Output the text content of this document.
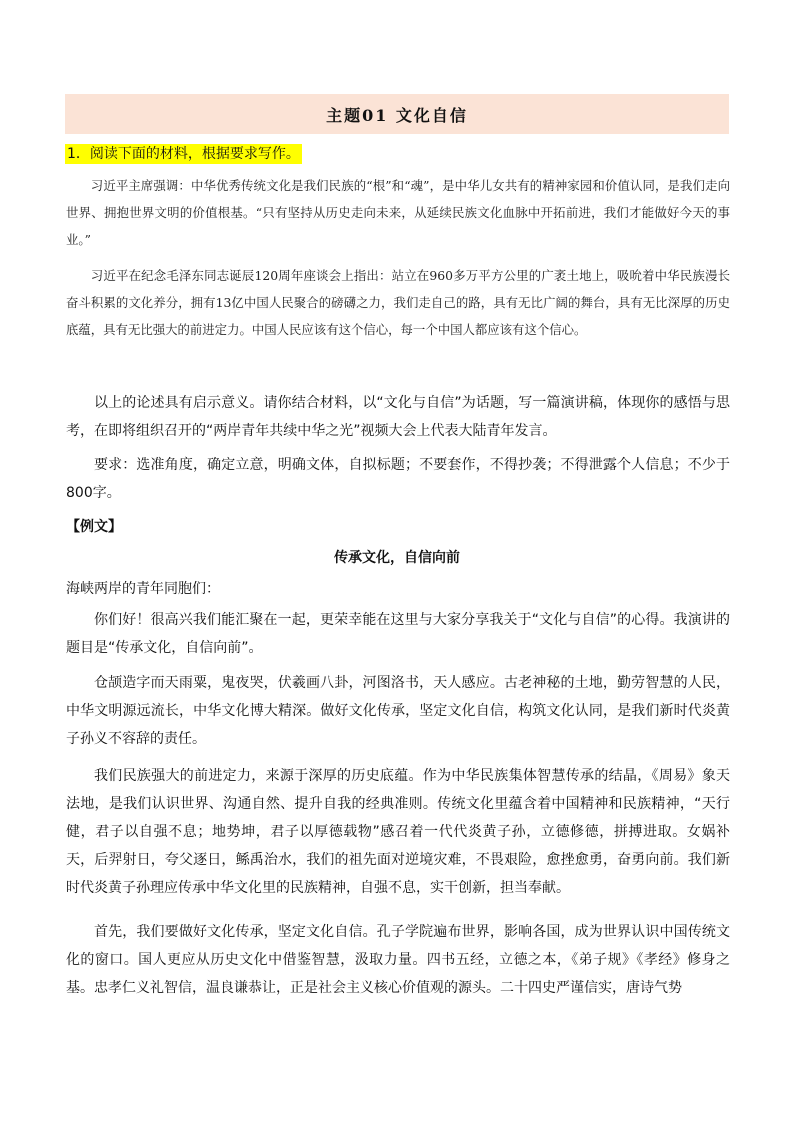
主题01 文化自信
1．阅读下面的材料，根据要求写作。

习近平主席强调：中华优秀传统文化是我们民族的“根”和“魂”，是中华儿女共有的精神家园和价值认同，是我们走向世界、拥抱世界文明的价值根基。“只有坚持从历史走向未来，从延续民族文化血脉中开拓前进，我们才能做好今天的事业。”

习近平在纪念毛泽东同志诞辰120周年座谈会上指出：站立在960多万平方公里的广袤土地上，吸吮着中华民族漫长奋斗积累的文化养分，拥有13亿中国人民聚合的磅礴之力，我们走自己的路，具有无比广阔的舞台，具有无比深厚的历史底蕴，具有无比强大的前进定力。中国人民应该有这个信心，每一个中国人都应该有这个信心。

以上的论述具有启示意义。请你结合材料，以“文化与自信”为话题，写一篇演讲稿，体现你的感悟与思考，在即将组织召开的“两岸青年共续中华之光”视频大会上代表大陆青年发言。

要求：选准角度，确定立意，明确文体，自拟标题；不要套作，不得抄袭；不得泄露个人信息；不少于800字。

【例文】
传承文化，自信向前

海峡两岸的青年同胞们：

你们好！很高兴我们能汇聚在一起，更荣幸能在这里与大家分享我关于“文化与自信”的心得。我演讲的题目是“传承文化，自信向前”。

仓颉造字而天雨粟，鬼夜哭，伏羲画八卦，河图洛书，天人感应。古老神秘的土地，勤劳智慧的人民，中华文明源远流长，中华文化博大精深。做好文化传承，坚定文化自信，构筑文化认同，是我们新时代炎黄子孙义不容辞的责任。

我们民族强大的前进定力，来源于深厚的历史底蕴。作为中华民族集体智慧传承的结晶，《周易》象天法地，是我们认识世界、沟通自然、提升自我的经典准则。传统文化里蕴含着中国精神和民族精神，“天行健，君子以自强不息；地势坤，君子以厚德载物”感召着一代代炎黄子孙，立德修德，拼搏进取。女娲补天，后羿射日，夸父逐日，鲧禹治水，我们的祖先面对逆境灾难，不畏艰险，愈挫愈勇，奋勇向前。我们新时代炎黄子孙理应传承中华文化里的民族精神，自强不息，实干创新，担当奉献。

首先，我们要做好文化传承，坚定文化自信。孔子学院遍布世界，影响各国，成为世界认识中国传统文化的窗口。国人更应从历史文化中借鉴智慧，汲取力量。四书五经，立德之本，《弟子规》《孝经》修身之基。忠孝仁义礼智信，温良谦恭让，正是社会主义核心价值观的源头。二十四史严谨信实，唐诗气势
